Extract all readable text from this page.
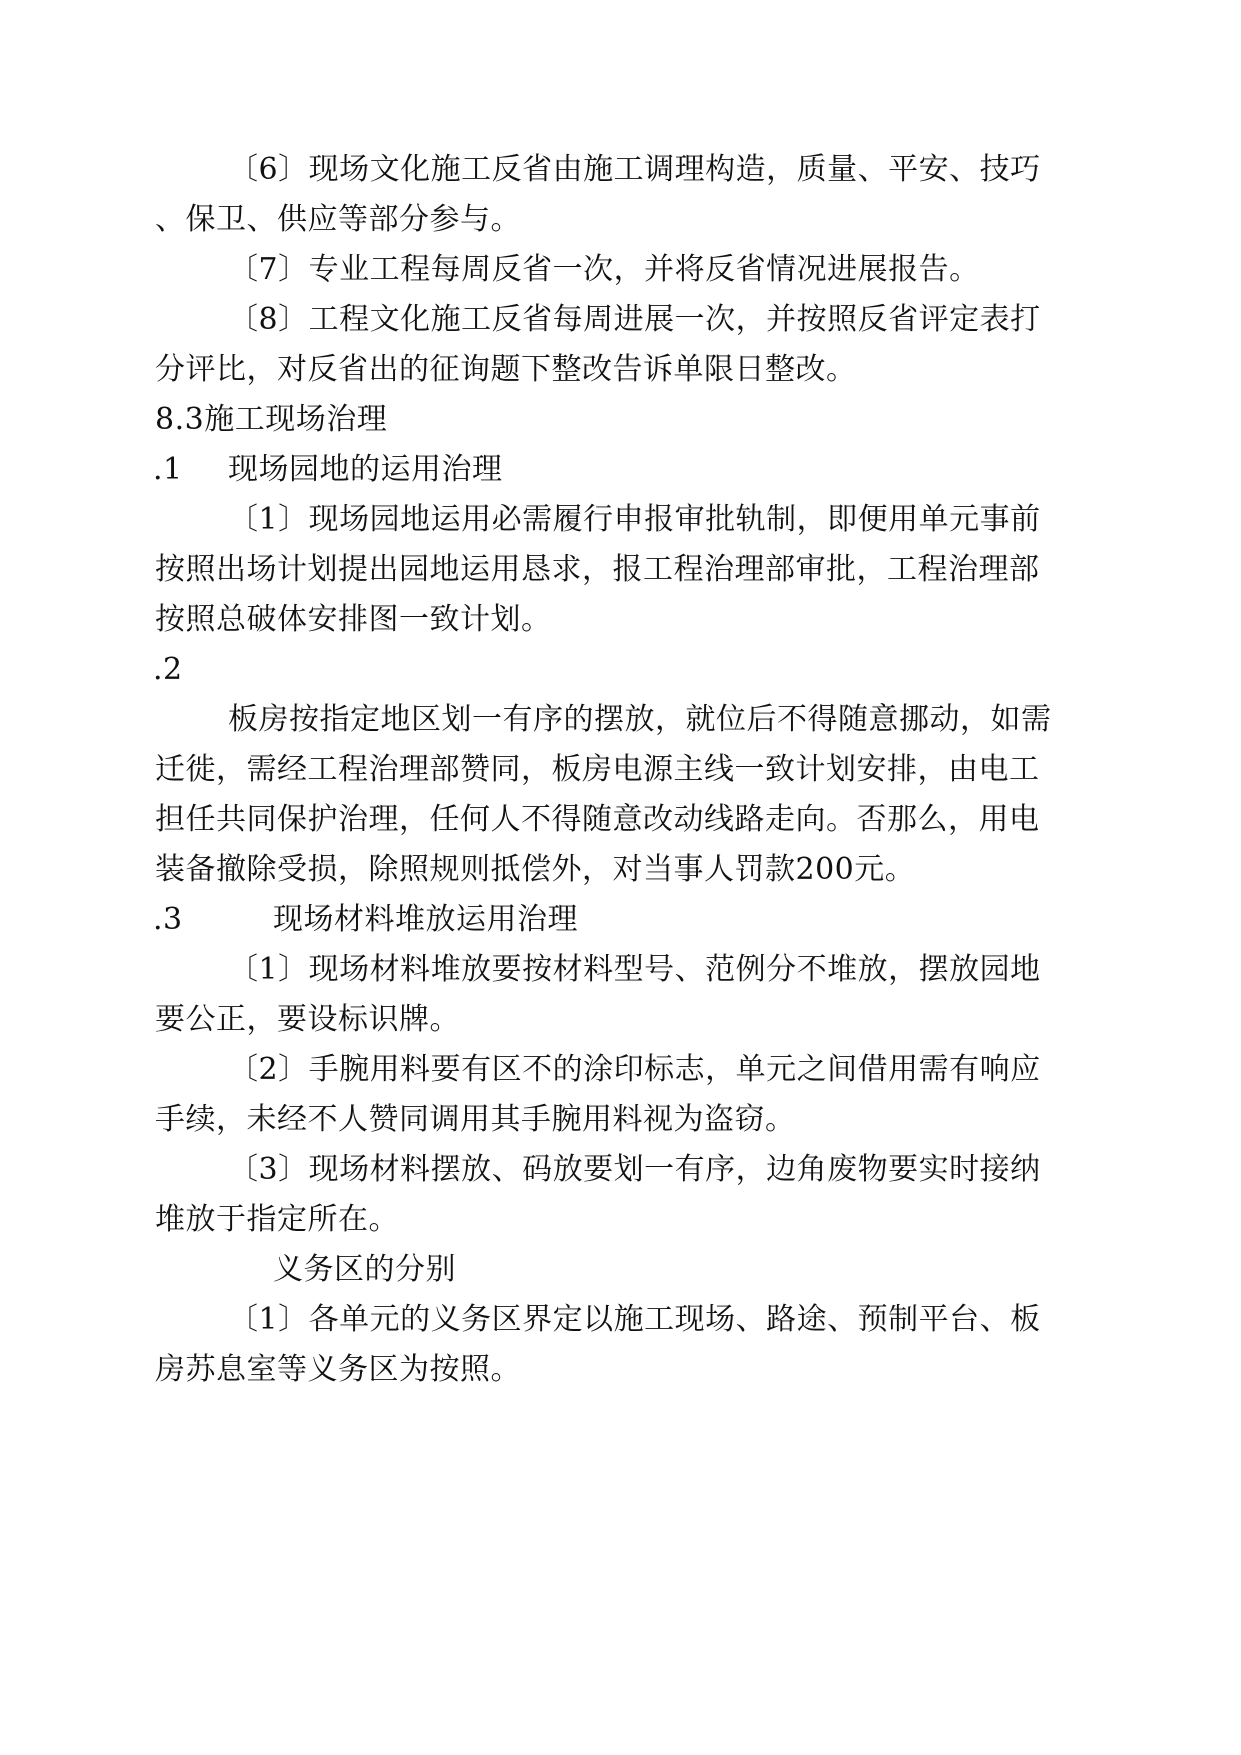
〔6〕现场文化施工反省由施工调理构造，质量、平安、技巧
、保卫、供应等部分参与。
〔7〕专业工程每周反省一次，并将反省情况进展报告。
〔8〕工程文化施工反省每周进展一次，并按照反省评定表打
分评比，对反省出的征询题下整改告诉单限日整改。
8.3施工现场治理
.1 现场园地的运用治理
〔1〕现场园地运用必需履行申报审批轨制，即便用单元事前
按照出场计划提出园地运用恳求，报工程治理部审批，工程治理部
按照总破体安排图一致计划。
.2
板房按指定地区划一有序的摆放，就位后不得随意挪动，如需
迁徙，需经工程治理部赞同，板房电源主线一致计划安排，由电工
担任共同保护治理，任何人不得随意改动线路走向。否那么，用电
装备撤除受损，除照规则抵偿外，对当事人罚款200元。
.3	现场材料堆放运用治理
〔1〕现场材料堆放要按材料型号、范例分不堆放，摆放园地
要公正，要设标识牌。
〔2〕手腕用料要有区不的涂印标志，单元之间借用需有响应
手续，未经不人赞同调用其手腕用料视为盗窃。
〔3〕现场材料摆放、码放要划一有序，边角废物要实时接纳
堆放于指定所在。
义务区的分别
〔1〕各单元的义务区界定以施工现场、路途、预制平台、板
房苏息室等义务区为按照。
